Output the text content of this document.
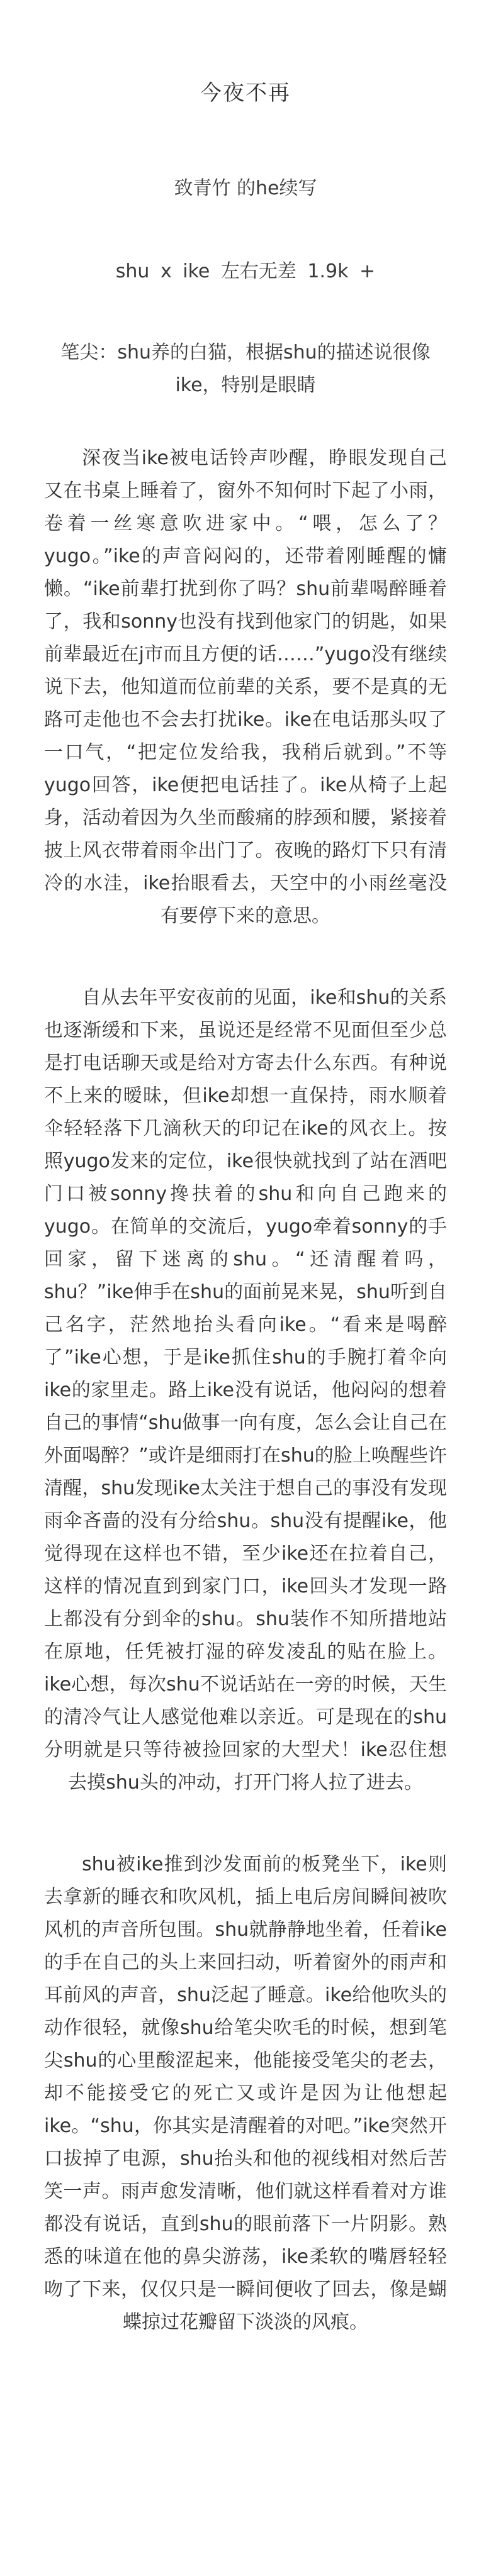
今夜不再
致青竹 的he续写
shu x ike 左右无差 1.9k +
笔尖：shu养的白猫，根据shu的描述说很像ike，特别是眼睛

深夜当ike被电话铃声吵醒，睁眼发现自己又在书桌上睡着了，窗外不知何时下起了小雨，卷着一丝寒意吹进家中。“喂，怎么了？yugo。”ike的声音闷闷的，还带着刚睡醒的慵懒。“ike前辈打扰到你了吗？shu前辈喝醉睡着了，我和sonny也没有找到他家门的钥匙，如果前辈最近在j市而且方便的话……”yugo没有继续说下去，他知道而位前辈的关系，要不是真的无路可走他也不会去打扰ike。ike在电话那头叹了一口气，“把定位发给我，我稍后就到。”不等yugo回答，ike便把电话挂了。ike从椅子上起身，活动着因为久坐而酸痛的脖颈和腰，紧接着披上风衣带着雨伞出门了。夜晚的路灯下只有清冷的水洼，ike抬眼看去，天空中的小雨丝毫没有要停下来的意思。

自从去年平安夜前的见面，ike和shu的关系也逐渐缓和下来，虽说还是经常不见面但至少总是打电话聊天或是给对方寄去什么东西。有种说不上来的暧昧，但ike却想一直保持，雨水顺着伞轻轻落下几滴秋天的印记在ike的风衣上。按照yugo发来的定位，ike很快就找到了站在酒吧门口被sonny搀扶着的shu和向自己跑来的yugo。在简单的交流后，yugo牵着sonny的手回家，留下迷离的shu。“还清醒着吗，shu？”ike伸手在shu的面前晃来晃，shu听到自己名字，茫然地抬头看向ike。“看来是喝醉了”ike心想，于是ike抓住shu的手腕打着伞向ike的家里走。路上ike没有说话，他闷闷的想着自己的事情“shu做事一向有度，怎么会让自己在外面喝醉？”或许是细雨打在shu的脸上唤醒些许清醒，shu发现ike太关注于想自己的事没有发现雨伞吝啬的没有分给shu。shu没有提醒ike，他觉得现在这样也不错，至少ike还在拉着自己，这样的情况直到到家门口，ike回头才发现一路上都没有分到伞的shu。shu装作不知所措地站在原地，任凭被打湿的碎发凌乱的贴在脸上。ike心想，每次shu不说话站在一旁的时候，天生的清冷气让人感觉他难以亲近。可是现在的shu分明就是只等待被捡回家的大型犬！ike忍住想去摸shu头的冲动，打开门将人拉了进去。

shu被ike推到沙发面前的板凳坐下，ike则去拿新的睡衣和吹风机，插上电后房间瞬间被吹风机的声音所包围。shu就静静地坐着，任着ike的手在自己的头上来回扫动，听着窗外的雨声和耳前风的声音，shu泛起了睡意。ike给他吹头的动作很轻，就像shu给笔尖吹毛的时候，想到笔尖shu的心里酸涩起来，他能接受笔尖的老去，却不能接受它的死亡又或许是因为让他想起ike。“shu，你其实是清醒着的对吧。”ike突然开口拔掉了电源，shu抬头和他的视线相对然后苦笑一声。雨声愈发清晰，他们就这样看着对方谁都没有说话，直到shu的眼前落下一片阴影。熟悉的味道在他的鼻尖游荡，ike柔软的嘴唇轻轻吻了下来，仅仅只是一瞬间便收了回去，像是蝴蝶掠过花瓣留下淡淡的风痕。
